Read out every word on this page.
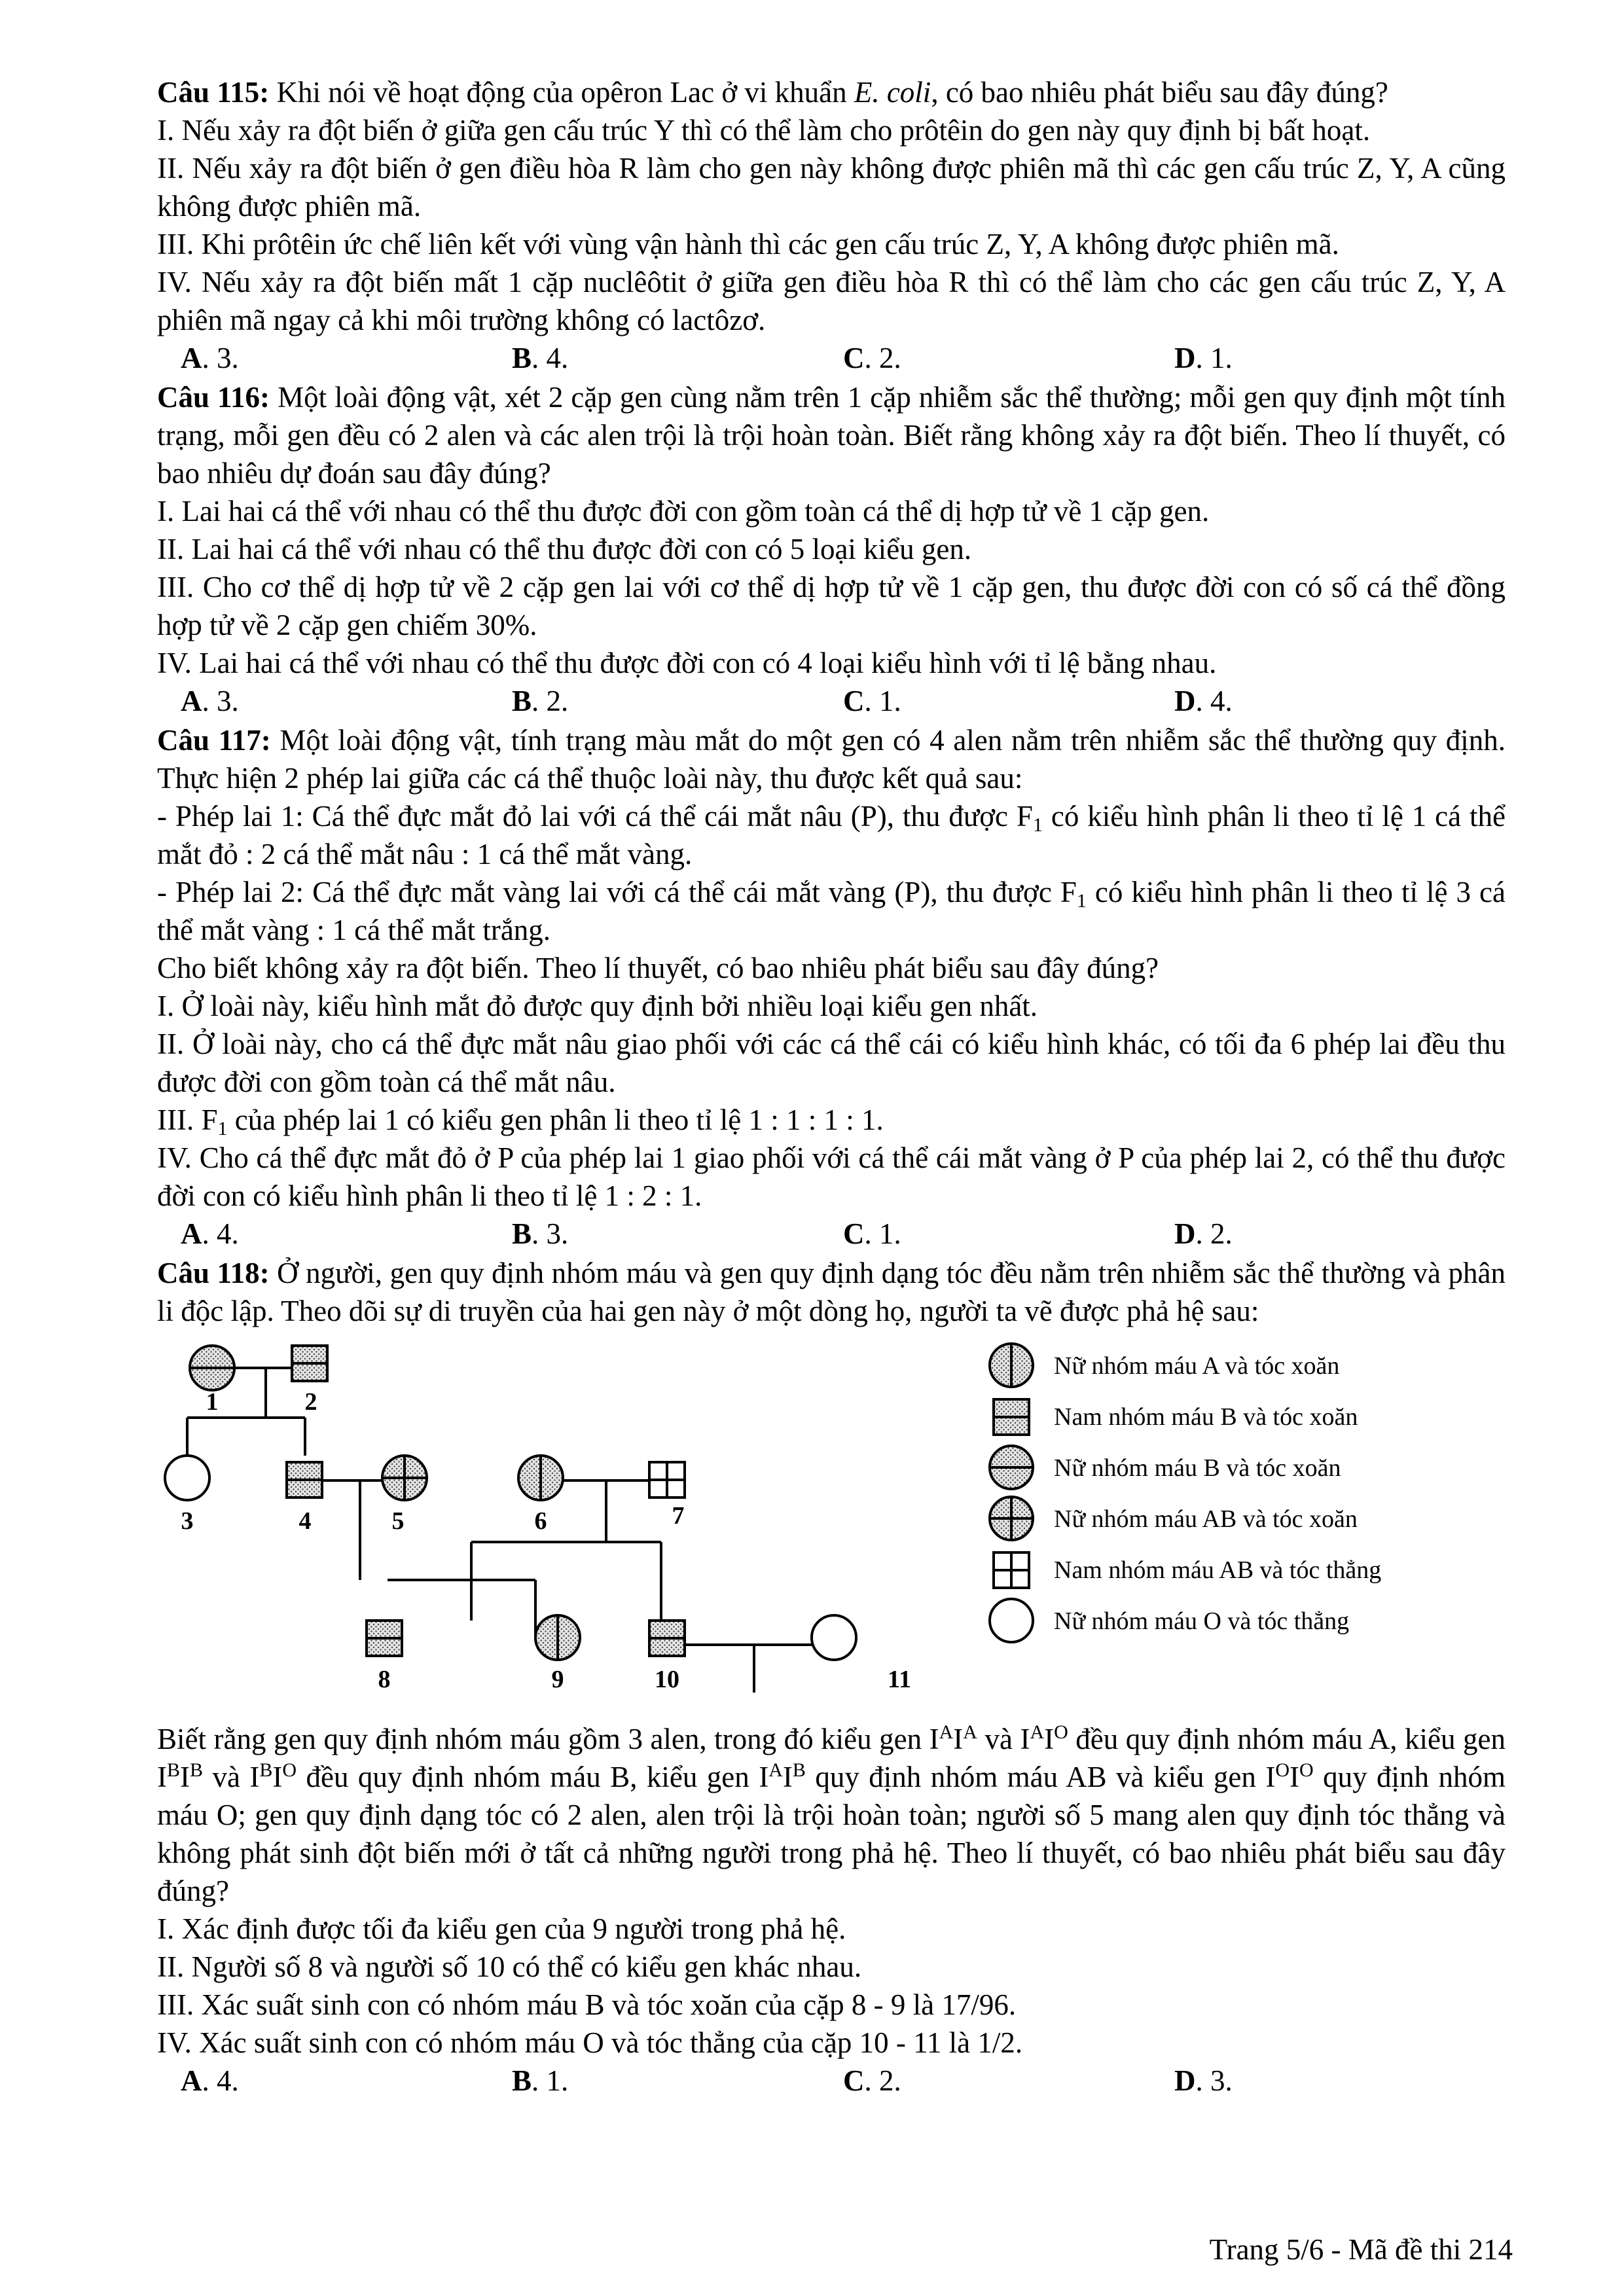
Câu 115: Khi nói về hoạt động của opêron Lac ở vi khuẩn E. coli, có bao nhiêu phát biểu sau đây đúng?

I. Nếu xảy ra đột biến ở giữa gen cấu trúc Y thì có thể làm cho prôtêin do gen này quy định bị bất hoạt.

II. Nếu xảy ra đột biến ở gen điều hòa R làm cho gen này không được phiên mã thì các gen cấu trúc Z, Y, A cũng không được phiên mã.

III. Khi prôtêin ức chế liên kết với vùng vận hành thì các gen cấu trúc Z, Y, A không được phiên mã.

IV. Nếu xảy ra đột biến mất 1 cặp nuclêôtit ở giữa gen điều hòa R thì có thể làm cho các gen cấu trúc Z, Y, A phiên mã ngay cả khi môi trường không có lactôzơ.

A. 3.	B. 4.	C. 2.	D. 1.

Câu 116: Một loài động vật, xét 2 cặp gen cùng nằm trên 1 cặp nhiễm sắc thể thường; mỗi gen quy định một tính trạng, mỗi gen đều có 2 alen và các alen trội là trội hoàn toàn. Biết rằng không xảy ra đột biến. Theo lí thuyết, có bao nhiêu dự đoán sau đây đúng?

I. Lai hai cá thể với nhau có thể thu được đời con gồm toàn cá thể dị hợp tử về 1 cặp gen.

II. Lai hai cá thể với nhau có thể thu được đời con có 5 loại kiểu gen.

III. Cho cơ thể dị hợp tử về 2 cặp gen lai với cơ thể dị hợp tử về 1 cặp gen, thu được đời con có số cá thể đồng hợp tử về 2 cặp gen chiếm 30%.

IV. Lai hai cá thể với nhau có thể thu được đời con có 4 loại kiểu hình với tỉ lệ bằng nhau.

A. 3.	B. 2.	C. 1.	D. 4.

Câu 117: Một loài động vật, tính trạng màu mắt do một gen có 4 alen nằm trên nhiễm sắc thể thường quy định. Thực hiện 2 phép lai giữa các cá thể thuộc loài này, thu được kết quả sau:

- Phép lai 1: Cá thể đực mắt đỏ lai với cá thể cái mắt nâu (P), thu được $F_1$ có kiểu hình phân li theo tỉ lệ 1 cá thể mắt đỏ : 2 cá thể mắt nâu : 1 cá thể mắt vàng.

- Phép lai 2: Cá thể đực mắt vàng lai với cá thể cái mắt vàng (P), thu được $F_1$ có kiểu hình phân li theo tỉ lệ 3 cá thể mắt vàng : 1 cá thể mắt trắng.

Cho biết không xảy ra đột biến. Theo lí thuyết, có bao nhiêu phát biểu sau đây đúng?

I. Ở loài này, kiểu hình mắt đỏ được quy định bởi nhiều loại kiểu gen nhất.

II. Ở loài này, cho cá thể đực mắt nâu giao phối với các cá thể cái có kiểu hình khác, có tối đa 6 phép lai đều thu được đời con gồm toàn cá thể mắt nâu.

III. $F_1$ của phép lai 1 có kiểu gen phân li theo tỉ lệ 1 : 1 : 1 : 1.

IV. Cho cá thể đực mắt đỏ ở P của phép lai 1 giao phối với cá thể cái mắt vàng ở P của phép lai 2, có thể thu được đời con có kiểu hình phân li theo tỉ lệ 1 : 2 : 1.

A. 4.	B. 3.	C. 1.	D. 2.

Câu 118: Ở người, gen quy định nhóm máu và gen quy định dạng tóc đều nằm trên nhiễm sắc thể thường và phân li độc lập. Theo dõi sự di truyền của hai gen này ở một dòng họ, người ta vẽ được phả hệ sau:

1	2
3	4	5	6	7
8	9	10	11
Nữ nhóm máu A và tóc xoăn
Nam nhóm máu B và tóc xoăn
Nữ nhóm máu B và tóc xoăn
Nữ nhóm máu AB và tóc xoăn
Nam nhóm máu AB và tóc thẳng
Nữ nhóm máu O và tóc thẳng

Biết rằng gen quy định nhóm máu gồm 3 alen, trong đó kiểu gen $I^AI^A$ và $I^AI^O$ đều quy định nhóm máu A, kiểu gen $I^BI^B$ và $I^BI^O$ đều quy định nhóm máu B, kiểu gen $I^AI^B$ quy định nhóm máu AB và kiểu gen $I^OI^O$ quy định nhóm máu O; gen quy định dạng tóc có 2 alen, alen trội là trội hoàn toàn; người số 5 mang alen quy định tóc thẳng và không phát sinh đột biến mới ở tất cả những người trong phả hệ. Theo lí thuyết, có bao nhiêu phát biểu sau đây đúng?

I. Xác định được tối đa kiểu gen của 9 người trong phả hệ.

II. Người số 8 và người số 10 có thể có kiểu gen khác nhau.

III. Xác suất sinh con có nhóm máu B và tóc xoăn của cặp 8 - 9 là 17/96.

IV. Xác suất sinh con có nhóm máu O và tóc thẳng của cặp 10 - 11 là 1/2.

A. 4.	B. 1.	C. 2.	D. 3.
Trang 5/6 - Mã đề thi 214
